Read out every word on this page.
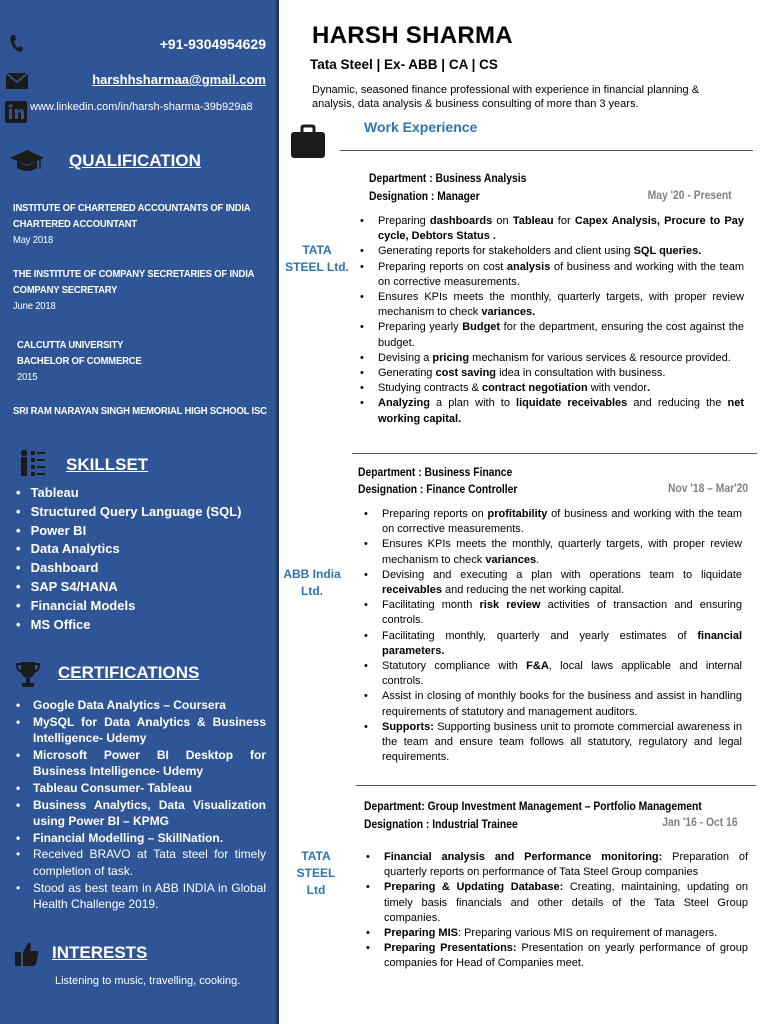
+91-9304954629
harshhsharmaa@gmail.com
www.linkedin.com/in/harsh-sharma-39b929a8
QUALIFICATION
INSTITUTE OF CHARTERED ACCOUNTANTS OF INDIA
CHARTERED ACCOUNTANT
May 2018
THE INSTITUTE OF COMPANY SECRETARIES OF INDIA
COMPANY SECRETARY
June 2018
CALCUTTA UNIVERSITY
BACHELOR OF COMMERCE
2015
SRI RAM NARAYAN SINGH MEMORIAL HIGH SCHOOL ISC
SKILLSET
• Tableau
• Structured Query Language (SQL)
• Power BI
• Data Analytics
• Dashboard
• SAP S4/HANA
• Financial Models
• MS Office
CERTIFICATIONS
• Google Data Analytics – Coursera
• MySQL for Data Analytics & Business Intelligence- Udemy
• Microsoft Power BI Desktop for Business Intelligence- Udemy
• Tableau Consumer- Tableau
• Business Analytics, Data Visualization using Power BI – KPMG
• Financial Modelling – SkillNation.
• Received BRAVO at Tata steel for timely completion of task.
• Stood as best team in ABB INDIA in Global Health Challenge 2019.
INTERESTS
Listening to music, travelling, cooking.
HARSH SHARMA
Tata Steel | Ex- ABB | CA | CS
Dynamic, seasoned finance professional with experience in financial planning & analysis, data analysis & business consulting of more than 3 years.
Work Experience
TATA
STEEL Ltd.
Department : Business Analysis
Designation : Manager	May '20 - Present
• Preparing dashboards on Tableau for Capex Analysis, Procure to Pay cycle, Debtors Status .
• Generating reports for stakeholders and client using SQL queries.
• Preparing reports on cost analysis of business and working with the team on corrective measurements.
• Ensures KPIs meets the monthly, quarterly targets, with proper review mechanism to check variances.
• Preparing yearly Budget for the department, ensuring the cost against the budget.
• Devising a pricing mechanism for various services & resource provided.
• Generating cost saving idea in consultation with business.
• Studying contracts & contract negotiation with vendor.
• Analyzing a plan with to liquidate receivables and reducing the net working capital.
ABB India
Ltd.
Department : Business Finance
Designation : Finance Controller	Nov '18 – Mar'20
• Preparing reports on profitability of business and working with the team on corrective measurements.
• Ensures KPIs meets the monthly, quarterly targets, with proper review mechanism to check variances.
• Devising and executing a plan with operations team to liquidate receivables and reducing the net working capital.
• Facilitating month risk review activities of transaction and ensuring controls.
• Facilitating monthly, quarterly and yearly estimates of financial parameters.
• Statutory compliance with F&A, local laws applicable and internal controls.
• Assist in closing of monthly books for the business and assist in handling requirements of statutory and management auditors.
• Supports: Supporting business unit to promote commercial awareness in the team and ensure team follows all statutory, regulatory and legal requirements.
TATA STEEL
Ltd
Department: Group Investment Management – Portfolio Management
Designation : Industrial Trainee	Jan '16 - Oct 16
• Financial analysis and Performance monitoring: Preparation of quarterly reports on performance of Tata Steel Group companies
• Preparing & Updating Database: Creating, maintaining, updating on timely basis financials and other details of the Tata Steel Group companies.
• Preparing MIS: Preparing various MIS on requirement of managers.
• Preparing Presentations: Presentation on yearly performance of group companies for Head of Companies meet.
